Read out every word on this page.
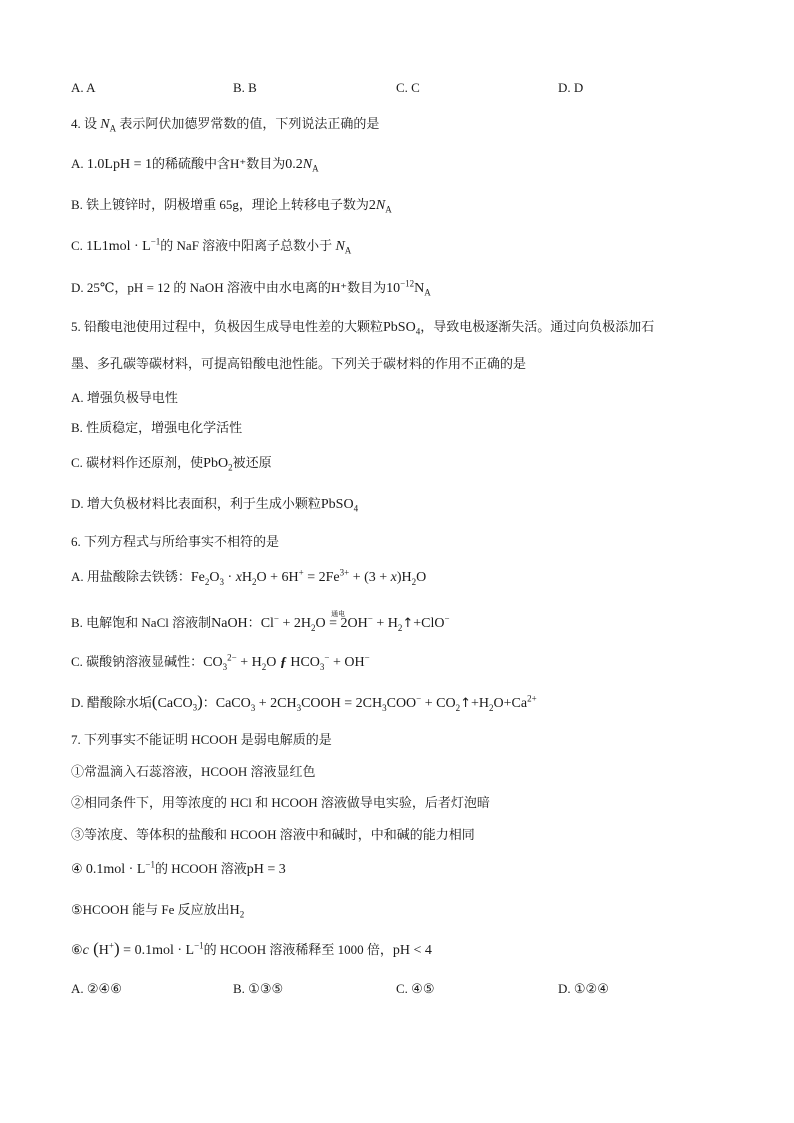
A. A	B. B	C. C	D. D
4. 设 $N_A$ 表示阿伏加德罗常数的值，下列说法正确的是
A. 1.0LpH = 1的稀硫酸中含H⁺数目为$0.2N_A$
B. 铁上镀锌时，阴极增重 65g，理论上转移电子数为$2N_A$
C. $1L1mol \cdot L^{-1}$的 NaF 溶液中阳离子总数小于 $N_A$
D. 25℃，pH = 12 的 NaOH 溶液中由水电离的H⁺数目为$10^{-12}N_A$
5. 铅酸电池使用过程中，负极因生成导电性差的大颗粒PbSO$_4$，导致电极逐渐失活。通过向负极添加石
墨、多孔碳等碳材料，可提高铅酸电池性能。下列关于碳材料的作用不正确的是
A. 增强负极导电性
B. 性质稳定，增强电化学活性
C. 碳材料作还原剂，使PbO$_2$被还原
D. 增大负极材料比表面积，利于生成小颗粒PbSO$_4$
6. 下列方程式与所给事实不相符的是
A. 用盐酸除去铁锈：$Fe_2O_3 \cdot xH_2O + 6H^+ = 2Fe^{3+} + (3 + x)H_2O$
B. 电解饱和 NaCl 溶液制NaOH：$Cl^- + 2H_2O$
通电
= $2OH^- + H_2↑+ClO^-$
C. 碳酸钠溶液显碱性：$CO_3^{2-} + H_2O$ ƒ $HCO_3^- + OH^-$
D. 醋酸除水垢(CaCO$_3$)：CaCO$_3$ + $2CH_3COOH = 2CH_3COO^-$ + $CO_2↑+H_2O+Ca^{2+}$
7. 下列事实不能证明 HCOOH 是弱电解质的是
①常温滴入石蕊溶液，HCOOH 溶液显红色
②相同条件下，用等浓度的 HCl 和 HCOOH 溶液做导电实验，后者灯泡暗
③等浓度、等体积的盐酸和 HCOOH 溶液中和碱时，中和碱的能力相同
④ $0.1mol \cdot L^{-1}$的 HCOOH 溶液pH = 3
⑤HCOOH 能与 Fe 反应放出$H_2$
⑥c $(H^+) = 0.1mol \cdot L^{-1}$的 HCOOH 溶液稀释至 1000 倍，pH < 4
A. ②④⑥	B. ①③⑤	C. ④⑤	D. ①②④
